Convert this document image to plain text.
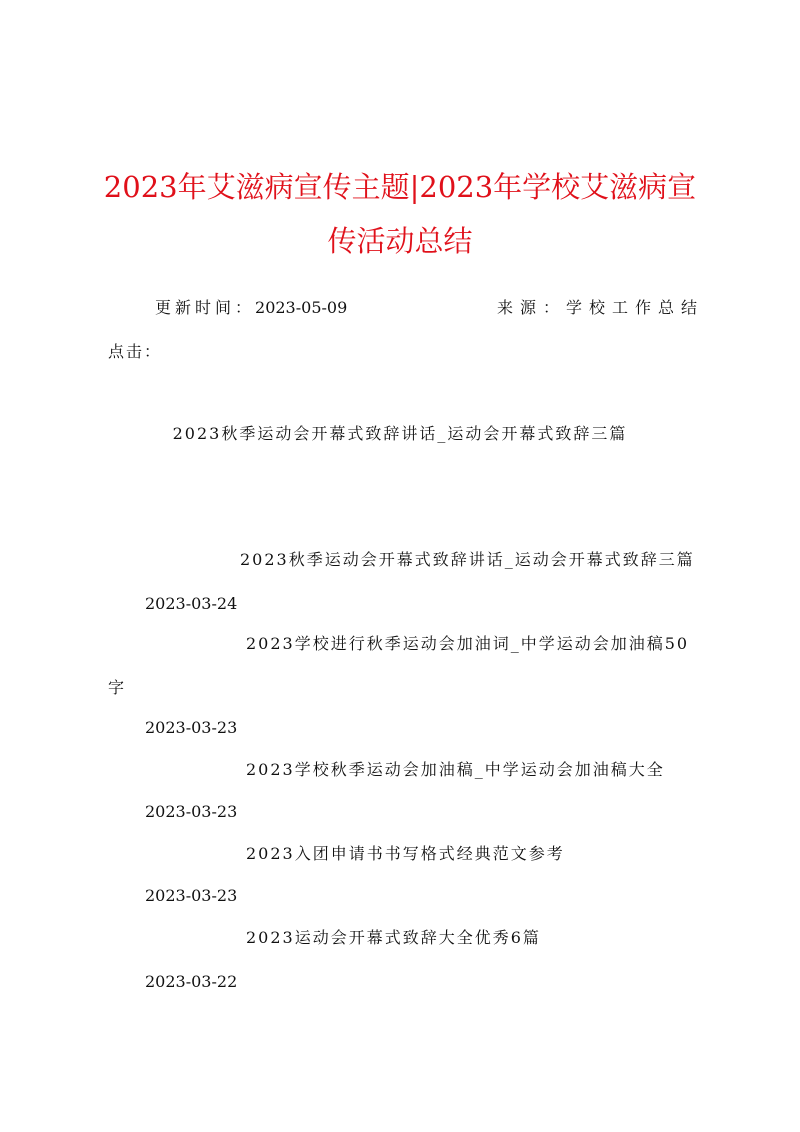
2023年艾滋病宣传主题|2023年学校艾滋病宣
传活动总结
更新时间：2023-05-09	来源：学校工作总结
点击：
2023秋季运动会开幕式致辞讲话_运动会开幕式致辞三篇
2023秋季运动会开幕式致辞讲话_运动会开幕式致辞三篇
2023-03-24
2023学校进行秋季运动会加油词_中学运动会加油稿50
字
2023-03-23
2023学校秋季运动会加油稿_中学运动会加油稿大全
2023-03-23
2023入团申请书书写格式经典范文参考
2023-03-23
2023运动会开幕式致辞大全优秀6篇
2023-03-22
